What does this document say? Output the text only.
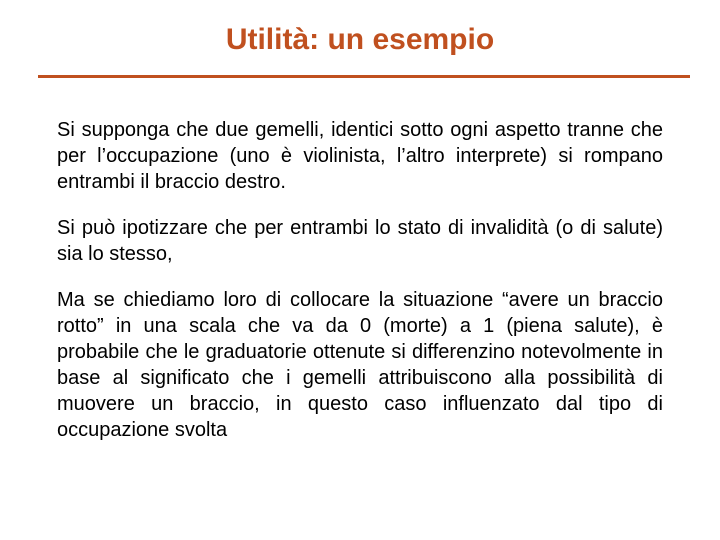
Utilità: un esempio

Si supponga che due gemelli, identici sotto ogni aspetto tranne che per l’occupazione (uno è violinista, l’altro interprete) si rompano entrambi il braccio destro.

Si può ipotizzare che per entrambi lo stato di invalidità (o di salute) sia lo stesso,

Ma se chiediamo loro di collocare la situazione “avere un braccio rotto” in una scala che va da 0 (morte) a 1 (piena salute), è probabile che le graduatorie ottenute si differenzino notevolmente in base al significato che i gemelli attribuiscono alla possibilità di muovere un braccio, in questo caso influenzato dal tipo di occupazione svolta
